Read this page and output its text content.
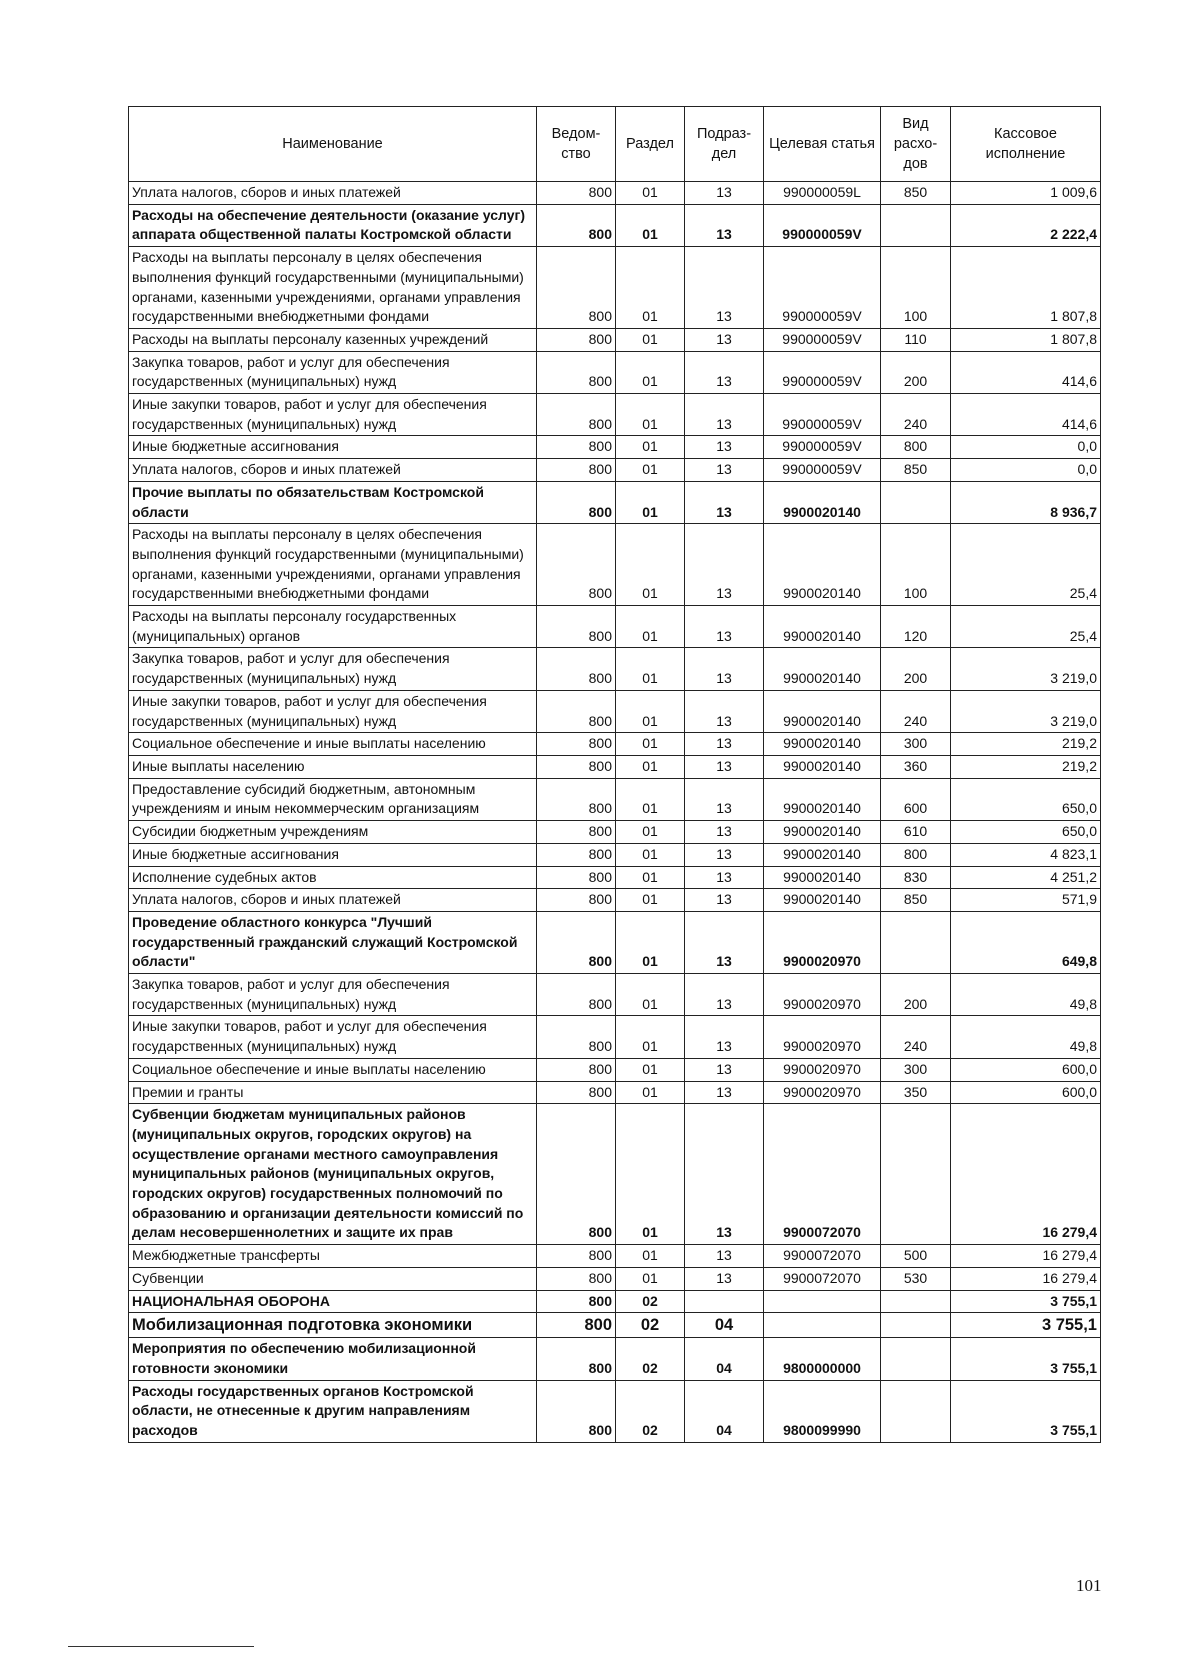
Наименование	Ведом-ство	Раздел	Подраз-дел	Целевая статья	Вид расхо-дов	Кассовое исполнение
Уплата налогов, сборов и иных платежей	800	01	13	990000059L	850	1 009,6
Расходы на обеспечение деятельности (оказание услуг) аппарата общественной палаты Костромской области	800	01	13	990000059V		2 222,4
Расходы на выплаты персоналу в целях обеспечения выполнения функций государственными (муниципальными) органами, казенными учреждениями, органами управления государственными внебюджетными фондами	800	01	13	990000059V	100	1 807,8
Расходы на выплаты персоналу казенных учреждений	800	01	13	990000059V	110	1 807,8
Закупка товаров, работ и услуг для обеспечения государственных (муниципальных) нужд	800	01	13	990000059V	200	414,6
Иные закупки товаров, работ и услуг для обеспечения государственных (муниципальных) нужд	800	01	13	990000059V	240	414,6
Иные бюджетные ассигнования	800	01	13	990000059V	800	0,0
Уплата налогов, сборов и иных платежей	800	01	13	990000059V	850	0,0
Прочие выплаты по обязательствам Костромской области	800	01	13	9900020140		8 936,7
Расходы на выплаты персоналу в целях обеспечения выполнения функций государственными (муниципальными) органами, казенными учреждениями, органами управления государственными внебюджетными фондами	800	01	13	9900020140	100	25,4
Расходы на выплаты персоналу государственных (муниципальных) органов	800	01	13	9900020140	120	25,4
Закупка товаров, работ и услуг для обеспечения государственных (муниципальных) нужд	800	01	13	9900020140	200	3 219,0
Иные закупки товаров, работ и услуг для обеспечения государственных (муниципальных) нужд	800	01	13	9900020140	240	3 219,0
Социальное обеспечение и иные выплаты населению	800	01	13	9900020140	300	219,2
Иные выплаты населению	800	01	13	9900020140	360	219,2
Предоставление субсидий бюджетным, автономным учреждениям и иным некоммерческим организациям	800	01	13	9900020140	600	650,0
Субсидии бюджетным учреждениям	800	01	13	9900020140	610	650,0
Иные бюджетные ассигнования	800	01	13	9900020140	800	4 823,1
Исполнение судебных актов	800	01	13	9900020140	830	4 251,2
Уплата налогов, сборов и иных платежей	800	01	13	9900020140	850	571,9
Проведение областного конкурса "Лучший государственный гражданский служащий Костромской области"	800	01	13	9900020970		649,8
Закупка товаров, работ и услуг для обеспечения государственных (муниципальных) нужд	800	01	13	9900020970	200	49,8
Иные закупки товаров, работ и услуг для обеспечения государственных (муниципальных) нужд	800	01	13	9900020970	240	49,8
Социальное обеспечение и иные выплаты населению	800	01	13	9900020970	300	600,0
Премии и гранты	800	01	13	9900020970	350	600,0
Субвенции бюджетам муниципальных районов (муниципальных округов, городских округов) на осуществление органами местного самоуправления муниципальных районов (муниципальных округов, городских округов) государственных полномочий по образованию и организации деятельности комиссий по делам несовершеннолетних и защите их прав	800	01	13	9900072070		16 279,4
Межбюджетные трансферты	800	01	13	9900072070	500	16 279,4
Субвенции	800	01	13	9900072070	530	16 279,4
НАЦИОНАЛЬНАЯ ОБОРОНА	800	02				3 755,1
Мобилизационная подготовка экономики	800	02	04			3 755,1
Мероприятия по обеспечению мобилизационной готовности экономики	800	02	04	9800000000		3 755,1
Расходы государственных органов Костромской области, не отнесенные к другим направлениям расходов	800	02	04	9800099990		3 755,1
101
